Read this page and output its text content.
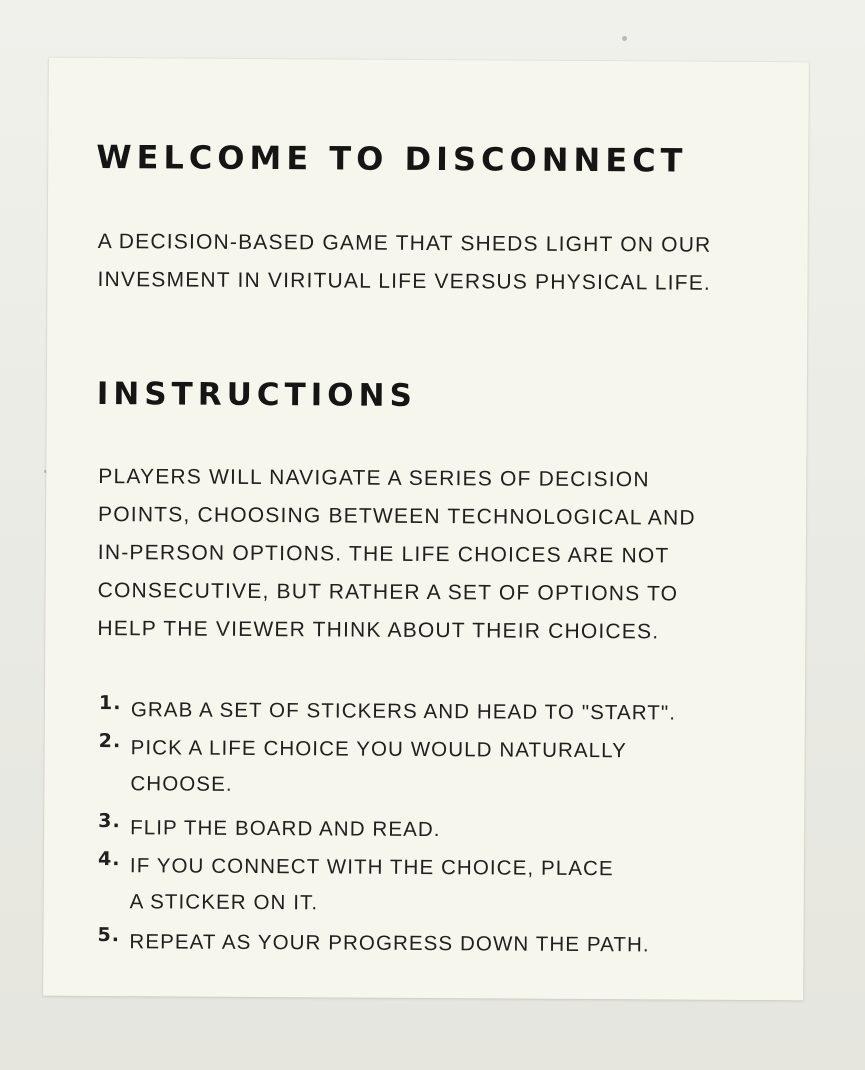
WELCOME TO DISCONNECT

A DECISION-BASED GAME THAT SHEDS LIGHT ON OUR
INVESMENT IN VIRITUAL LIFE VERSUS PHYSICAL LIFE.

INSTRUCTIONS

PLAYERS WILL NAVIGATE A SERIES OF DECISION
POINTS, CHOOSING BETWEEN TECHNOLOGICAL AND
IN-PERSON OPTIONS. THE LIFE CHOICES ARE NOT
CONSECUTIVE, BUT RATHER A SET OF OPTIONS TO
HELP THE VIEWER THINK ABOUT THEIR CHOICES.

1. GRAB A SET OF STICKERS AND HEAD TO "START".
2. PICK A LIFE CHOICE YOU WOULD NATURALLY
CHOOSE.
3. FLIP THE BOARD AND READ.
4. IF YOU CONNECT WITH THE CHOICE, PLACE
A STICKER ON IT.
5. REPEAT AS YOUR PROGRESS DOWN THE PATH.
